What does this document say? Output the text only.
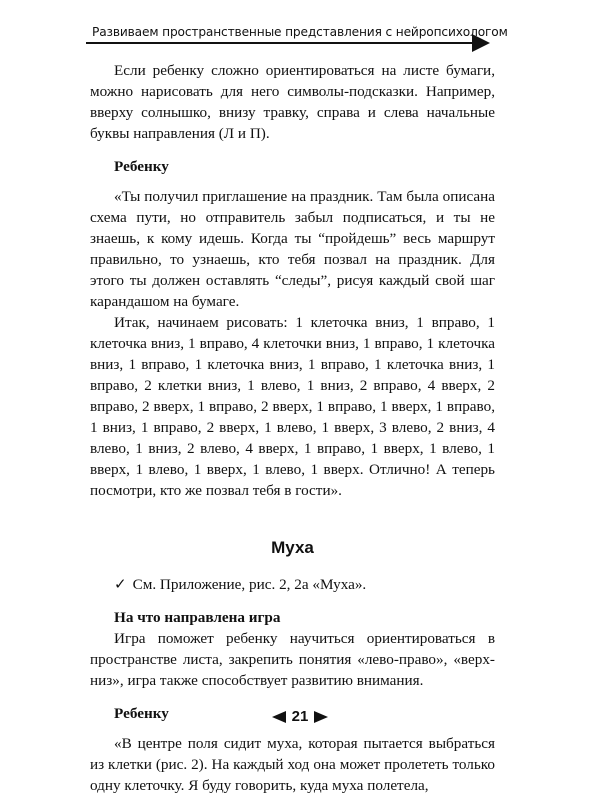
Развиваем пространственные представления с нейропсихологом

Если ребенку сложно ориентироваться на листе бумаги, можно нарисовать для него символы-подсказки. Например, вверху солнышко, внизу травку, справа и слева начальные буквы направления (Л и П).

Ребенку

«Ты получил приглашение на праздник. Там была описана схема пути, но отправитель забыл подписаться, и ты не знаешь, к кому идешь. Когда ты “пройдешь” весь маршрут правильно, то узнаешь, кто тебя позвал на праздник. Для этого ты должен оставлять “следы”, рисуя каждый свой шаг карандашом на бумаге.

Итак, начинаем рисовать: 1 клеточка вниз, 1 вправо, 1 клеточка вниз, 1 вправо, 4 клеточки вниз, 1 вправо, 1 клеточка вниз, 1 вправо, 1 клеточка вниз, 1 вправо, 1 клеточка вниз, 1 вправо, 2 клетки вниз, 1 влево, 1 вниз, 2 вправо, 4 вверх, 2 вправо, 2 вверх, 1 вправо, 2 вверх, 1 вправо, 1 вверх, 1 вправо, 1 вниз, 1 вправо, 2 вверх, 1 влево, 1 вверх, 3 влево, 2 вниз, 4 влево, 1 вниз, 2 влево, 4 вверх, 1 вправо, 1 вверх, 1 влево, 1 вверх, 1 влево, 1 вверх, 1 влево, 1 вверх. Отлично! А теперь посмотри, кто же позвал тебя в гости».

Муха
✓ См. Приложение, рис. 2, 2а «Муха».
На что направлена игра

Игра поможет ребенку научиться ориентироваться в пространстве листа, закрепить понятия «лево-право», «верх-низ», игра также способствует развитию внимания.

Ребенку

«В центре поля сидит муха, которая пытается выбраться из клетки (рис. 2). На каждый ход она может пролететь только одну клеточку. Я буду говорить, куда муха полетела,

21
